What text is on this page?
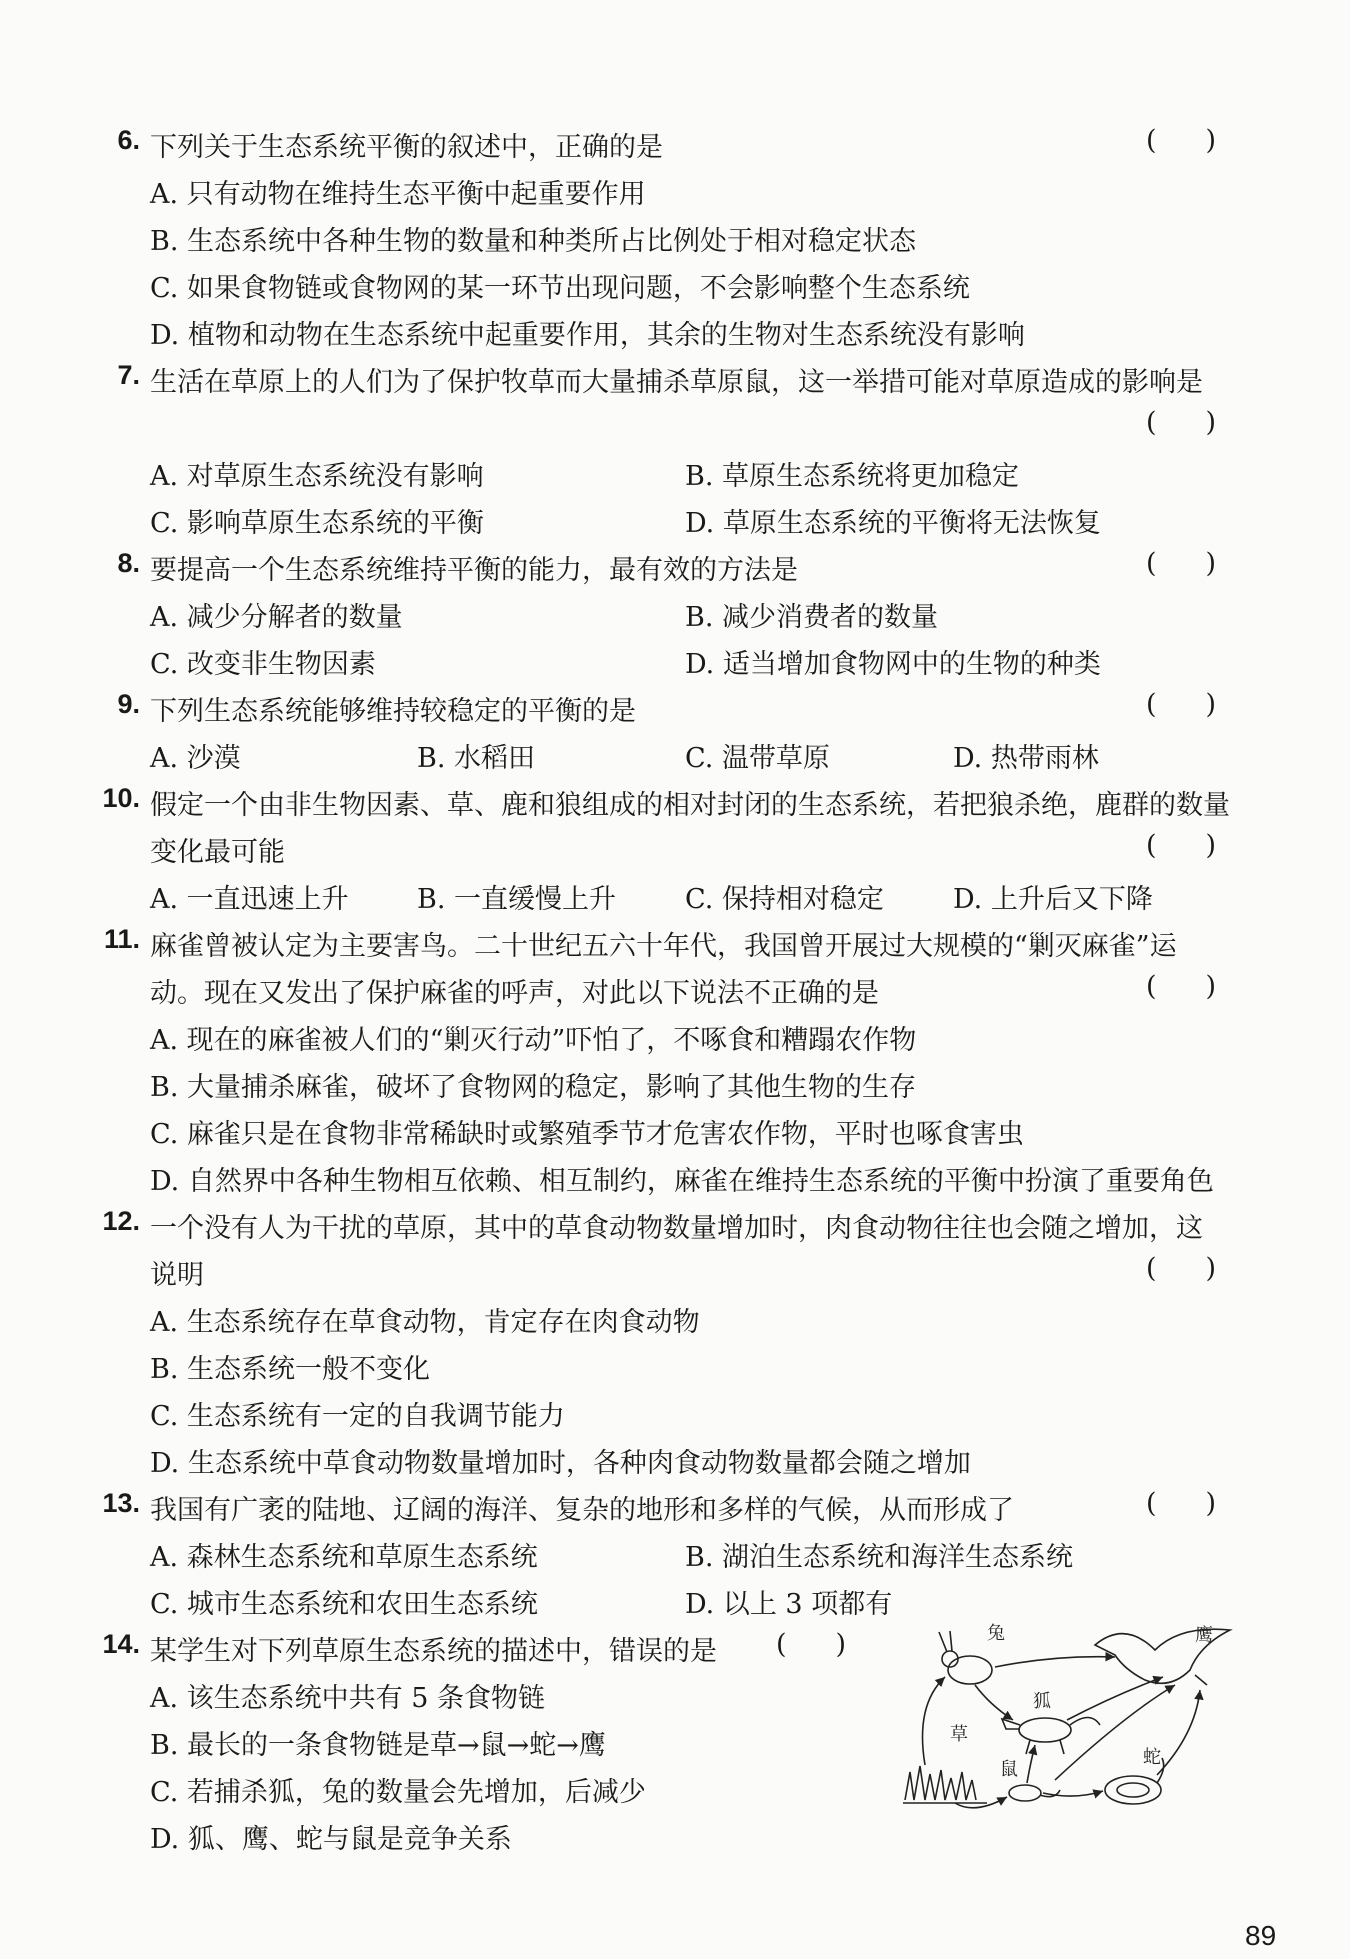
6. 下列关于生态系统平衡的叙述中，正确的是	( )
A. 只有动物在维持生态平衡中起重要作用
B. 生态系统中各种生物的数量和种类所占比例处于相对稳定状态
C. 如果食物链或食物网的某一环节出现问题，不会影响整个生态系统
D. 植物和动物在生态系统中起重要作用，其余的生物对生态系统没有影响
7. 生活在草原上的人们为了保护牧草而大量捕杀草原鼠，这一举措可能对草原造成的影响是
( )
A. 对草原生态系统没有影响	B. 草原生态系统将更加稳定
C. 影响草原生态系统的平衡	D. 草原生态系统的平衡将无法恢复
8. 要提高一个生态系统维持平衡的能力，最有效的方法是	( )
A. 减少分解者的数量	B. 减少消费者的数量
C. 改变非生物因素	D. 适当增加食物网中的生物的种类
9. 下列生态系统能够维持较稳定的平衡的是	( )
A. 沙漠	B. 水稻田	C. 温带草原	D. 热带雨林
10. 假定一个由非生物因素、草、鹿和狼组成的相对封闭的生态系统，若把狼杀绝，鹿群的数量
变化最可能	( )
A. 一直迅速上升	B. 一直缓慢上升	C. 保持相对稳定	D. 上升后又下降
11. 麻雀曾被认定为主要害鸟。二十世纪五六十年代，我国曾开展过大规模的“剿灭麻雀”运
动。现在又发出了保护麻雀的呼声，对此以下说法不正确的是	( )
A. 现在的麻雀被人们的“剿灭行动”吓怕了，不啄食和糟蹋农作物
B. 大量捕杀麻雀，破坏了食物网的稳定，影响了其他生物的生存
C. 麻雀只是在食物非常稀缺时或繁殖季节才危害农作物，平时也啄食害虫
D. 自然界中各种生物相互依赖、相互制约，麻雀在维持生态系统的平衡中扮演了重要角色
12. 一个没有人为干扰的草原，其中的草食动物数量增加时，肉食动物往往也会随之增加，这
说明	( )
A. 生态系统存在草食动物，肯定存在肉食动物
B. 生态系统一般不变化
C. 生态系统有一定的自我调节能力
D. 生态系统中草食动物数量增加时，各种肉食动物数量都会随之增加
13. 我国有广袤的陆地、辽阔的海洋、复杂的地形和多样的气候，从而形成了	( )
A. 森林生态系统和草原生态系统	B. 湖泊生态系统和海洋生态系统
C. 城市生态系统和农田生态系统	D. 以上 3 项都有
14. 某学生对下列草原生态系统的描述中，错误的是 ( )
A. 该生态系统中共有 5 条食物链
B. 最长的一条食物链是草→鼠→蛇→鹰
C. 若捕杀狐，兔的数量会先增加，后减少
D. 狐、鹰、蛇与鼠是竞争关系
兔	鹰
狐
草
鼠
蛇
89
